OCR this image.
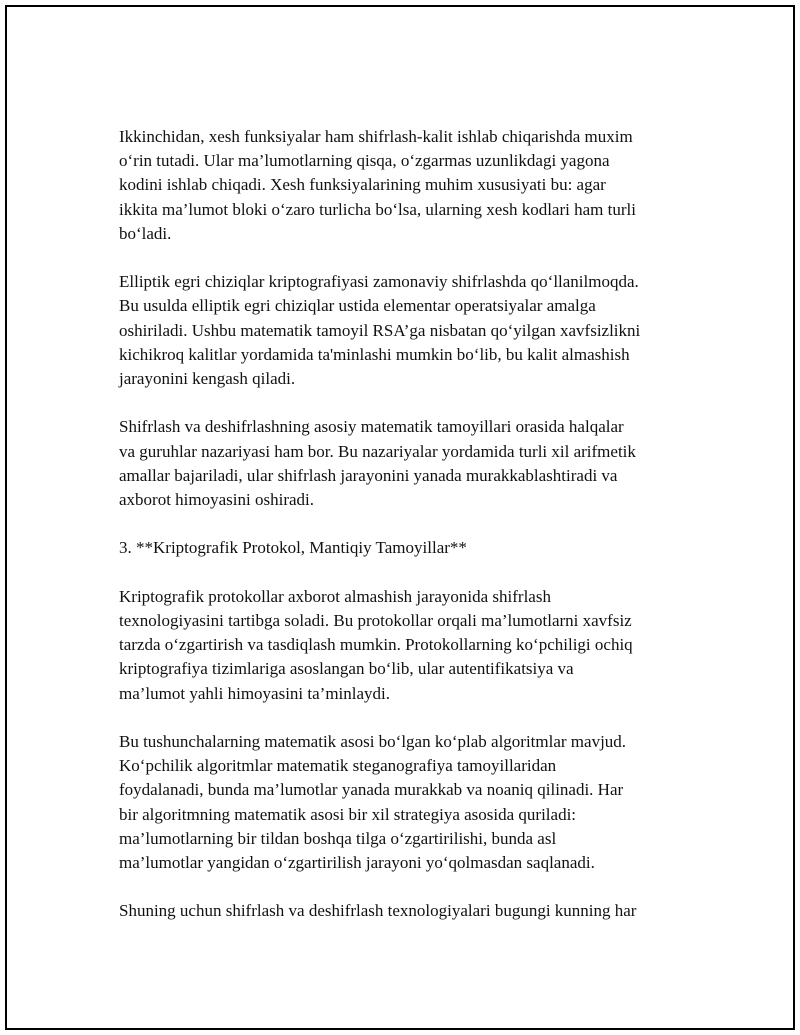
Ikkinchidan, xesh funksiyalar ham shifrlash-kalit ishlab chiqarishda muxim
o‘rin tutadi. Ular ma’lumotlarning qisqa, o‘zgarmas uzunlikdagi yagona
kodini ishlab chiqadi. Xesh funksiyalarining muhim xususiyati bu: agar
ikkita ma’lumot bloki o‘zaro turlicha bo‘lsa, ularning xesh kodlari ham turli
bo‘ladi.

Elliptik egri chiziqlar kriptografiyasi zamonaviy shifrlashda qo‘llanilmoqda.
Bu usulda elliptik egri chiziqlar ustida elementar operatsiyalar amalga
oshiriladi. Ushbu matematik tamoyil RSA’ga nisbatan qo‘yilgan xavfsizlikni
kichikroq kalitlar yordamida ta'minlashi mumkin bo‘lib, bu kalit almashish
jarayonini kengash qiladi.

Shifrlash va deshifrlashning asosiy matematik tamoyillari orasida halqalar
va guruhlar nazariyasi ham bor. Bu nazariyalar yordamida turli xil arifmetik
amallar bajariladi, ular shifrlash jarayonini yanada murakkablashtiradi va
axborot himoyasini oshiradi.

3. **Kriptografik Protokol, Mantiqiy Tamoyillar**

Kriptografik protokollar axborot almashish jarayonida shifrlash
texnologiyasini tartibga soladi. Bu protokollar orqali ma’lumotlarni xavfsiz
tarzda o‘zgartirish va tasdiqlash mumkin. Protokollarning ko‘pchiligi ochiq
kriptografiya tizimlariga asoslangan bo‘lib, ular autentifikatsiya va
ma’lumot yahli himoyasini ta’minlaydi.

Bu tushunchalarning matematik asosi bo‘lgan ko‘plab algoritmlar mavjud.
Ko‘pchilik algoritmlar matematik steganografiya tamoyillaridan
foydalanadi, bunda ma’lumotlar yanada murakkab va noaniq qilinadi. Har
bir algoritmning matematik asosi bir xil strategiya asosida quriladi:
ma’lumotlarning bir tildan boshqa tilga o‘zgartirilishi, bunda asl
ma’lumotlar yangidan o‘zgartirilish jarayoni yo‘qolmasdan saqlanadi.

Shuning uchun shifrlash va deshifrlash texnologiyalari bugungi kunning har
